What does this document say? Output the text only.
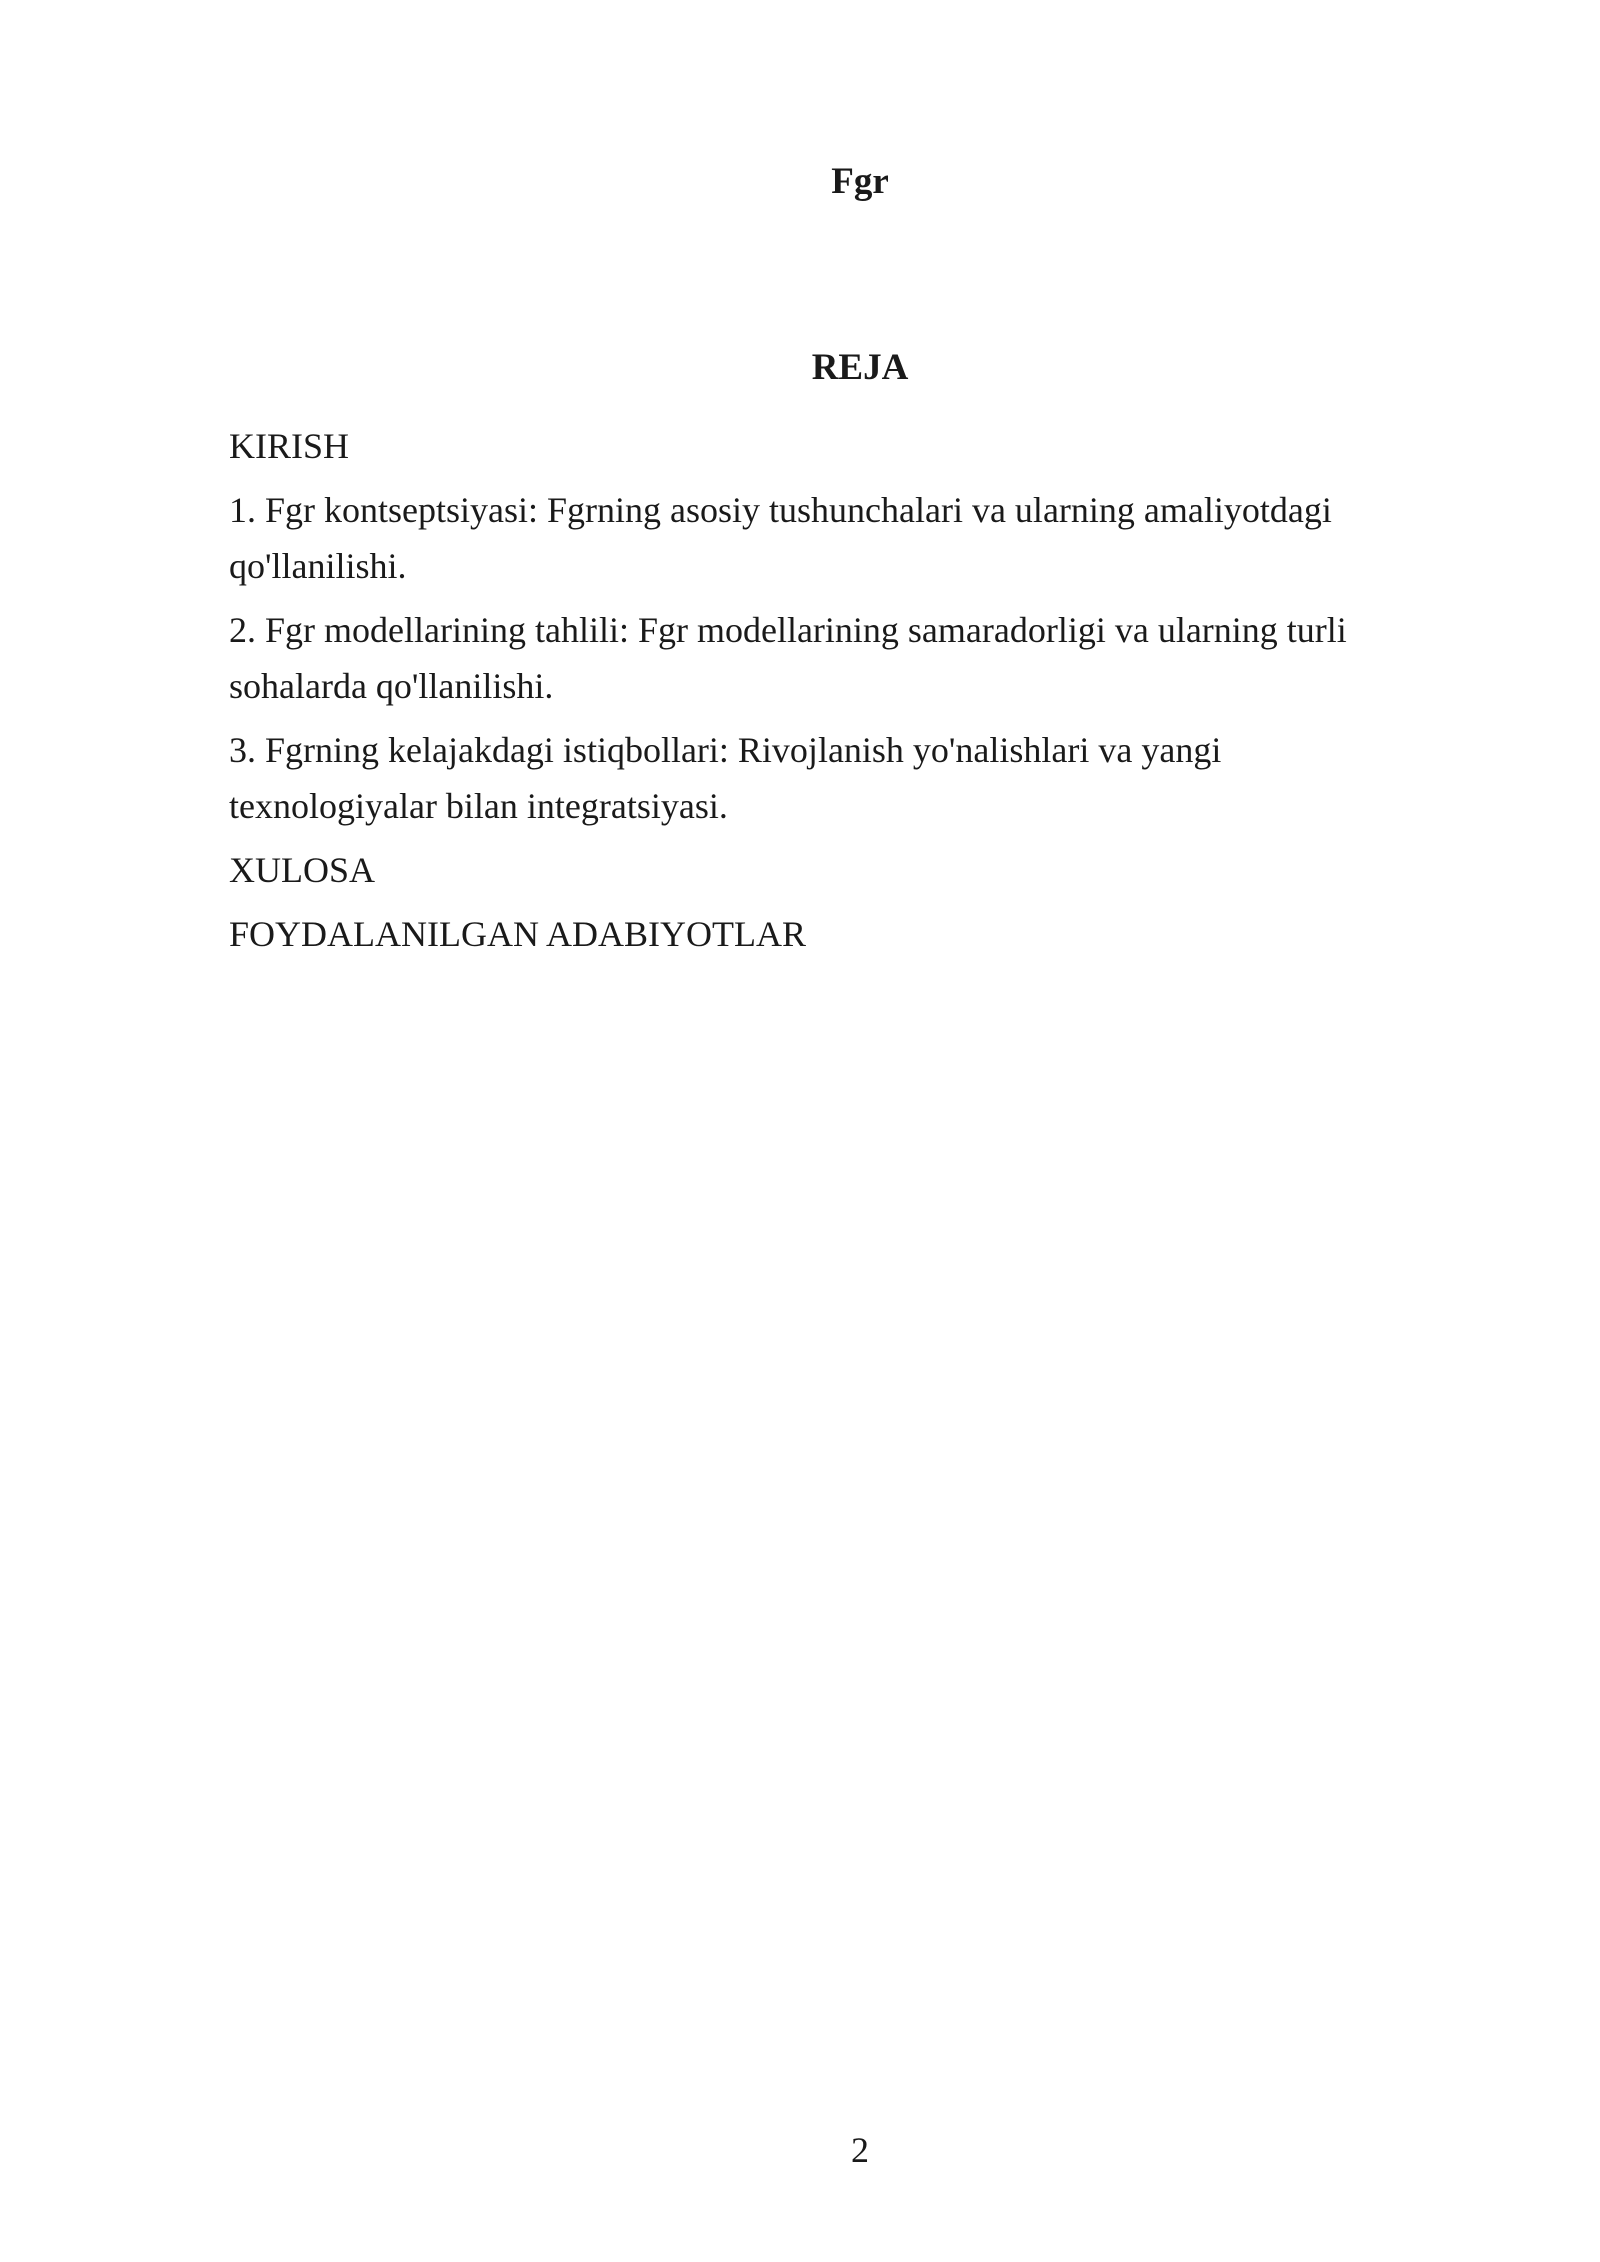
Fgr
REJA
KIRISH
1. Fgr kontseptsiyasi: Fgrning asosiy tushunchalari va ularning amaliyotdagi qo'llanilishi.
2. Fgr modellarining tahlili: Fgr modellarining samaradorligi va ularning turli sohalarda qo'llanilishi.
3. Fgrning kelajakdagi istiqbollari: Rivojlanish yo'nalishlari va yangi texnologiyalar bilan integratsiyasi.
XULOSA
FOYDALANILGAN ADABIYOTLAR
2
